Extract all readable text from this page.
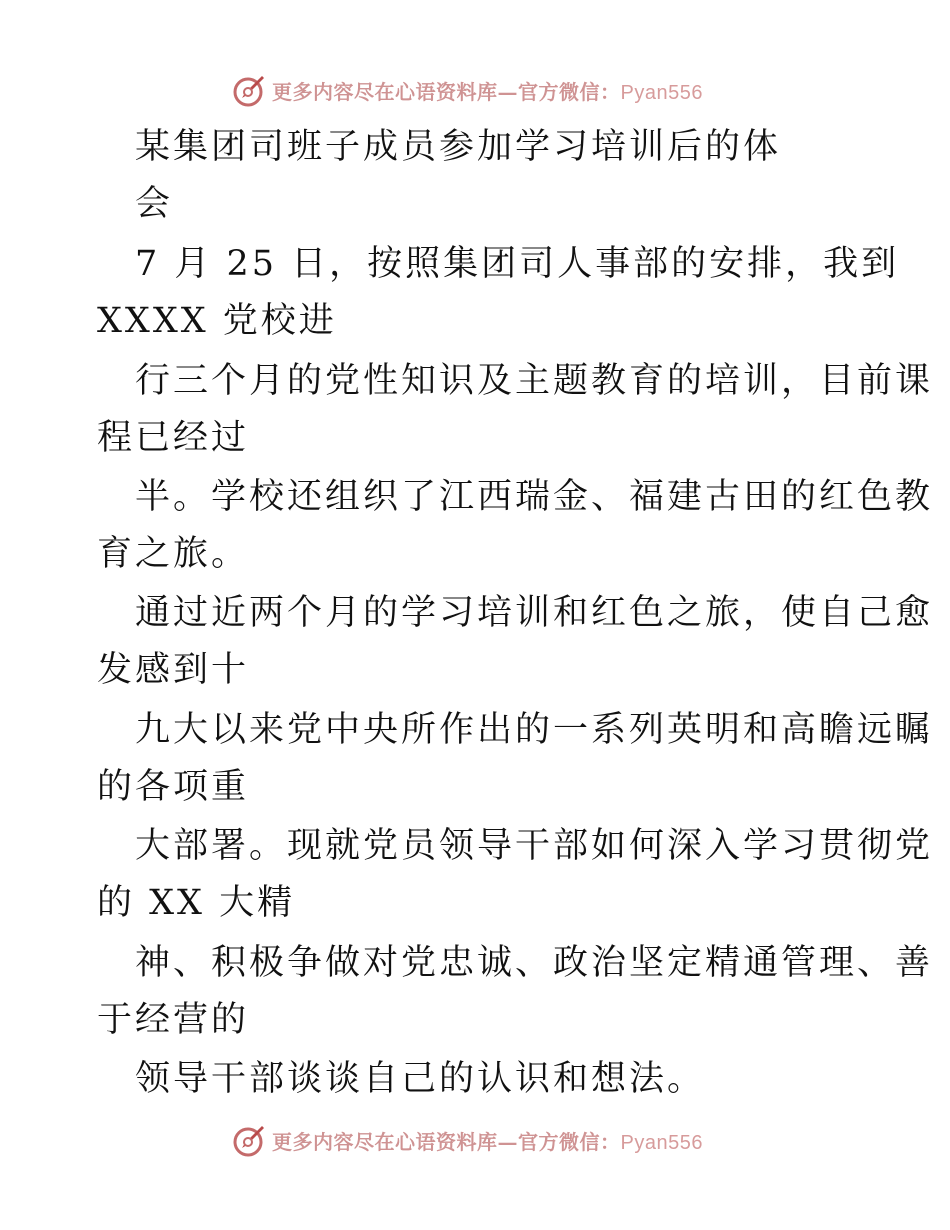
更多内容尽在心语资料库—官方微信：Pyan556
某集团司班子成员参加学习培训后的体
会
7 月 25 日，按照集团司人事部的安排，我到
XXXX 党校进
行三个月的党性知识及主题教育的培训，目前课
程已经过
半。学校还组织了江西瑞金、福建古田的红色教
育之旅。
通过近两个月的学习培训和红色之旅，使自己愈
发感到十
九大以来党中央所作出的一系列英明和高瞻远瞩
的各项重
大部署。现就党员领导干部如何深入学习贯彻党
的 XX 大精
神、积极争做对党忠诚、政治坚定精通管理、善
于经营的
领导干部谈谈自己的认识和想法。
更多内容尽在心语资料库—官方微信：Pyan556
